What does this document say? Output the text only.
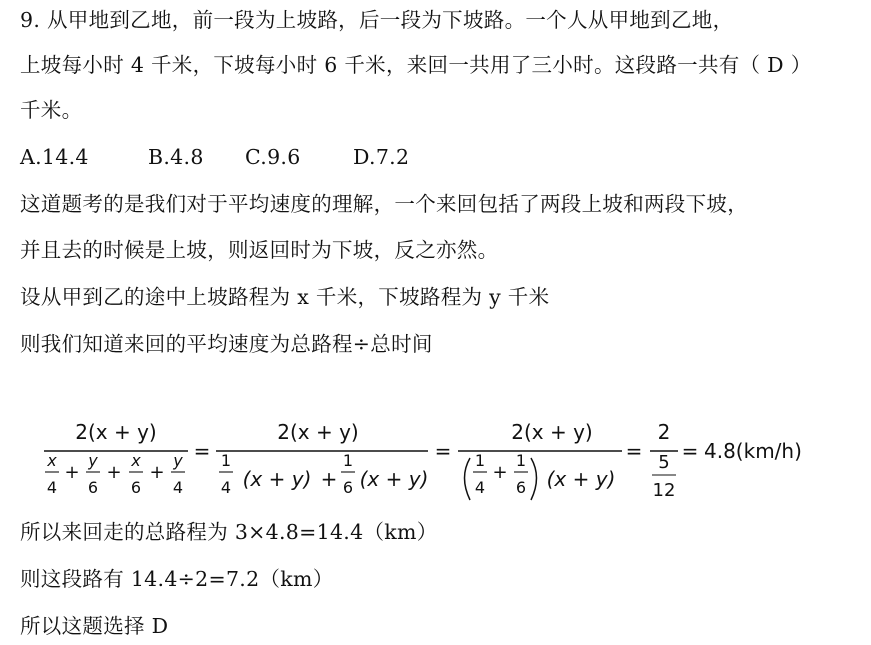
9. 从甲地到乙地，前一段为上坡路，后一段为下坡路。一个人从甲地到乙地，
上坡每小时 4 千米，下坡每小时 6 千米，来回一共用了三小时。这段路一共有（ D ）
千米。
A.14.4	B.4.8 C.9.6	D.7.2
这道题考的是我们对于平均速度的理解，一个来回包括了两段上坡和两段下坡，
并且去的时候是上坡，则返回时为下坡，反之亦然。
设从甲到乙的途中上坡路程为 x 千米，下坡路程为 y 千米
则我们知道来回的平均速度为总路程÷总时间
2(x + y)
x
4
+
y
6
+
x
6
+
y
4
=
2(x + y)
1
4 (x + y) +
1
6 (x + y)
=
2(x + y)
1
4
+
1
6 (x + y)
=
2
5
12
= 4.8(km/h)
所以来回走的总路程为 3×4.8=14.4（km）
则这段路有 14.4÷2=7.2（km）
所以这题选择 D
